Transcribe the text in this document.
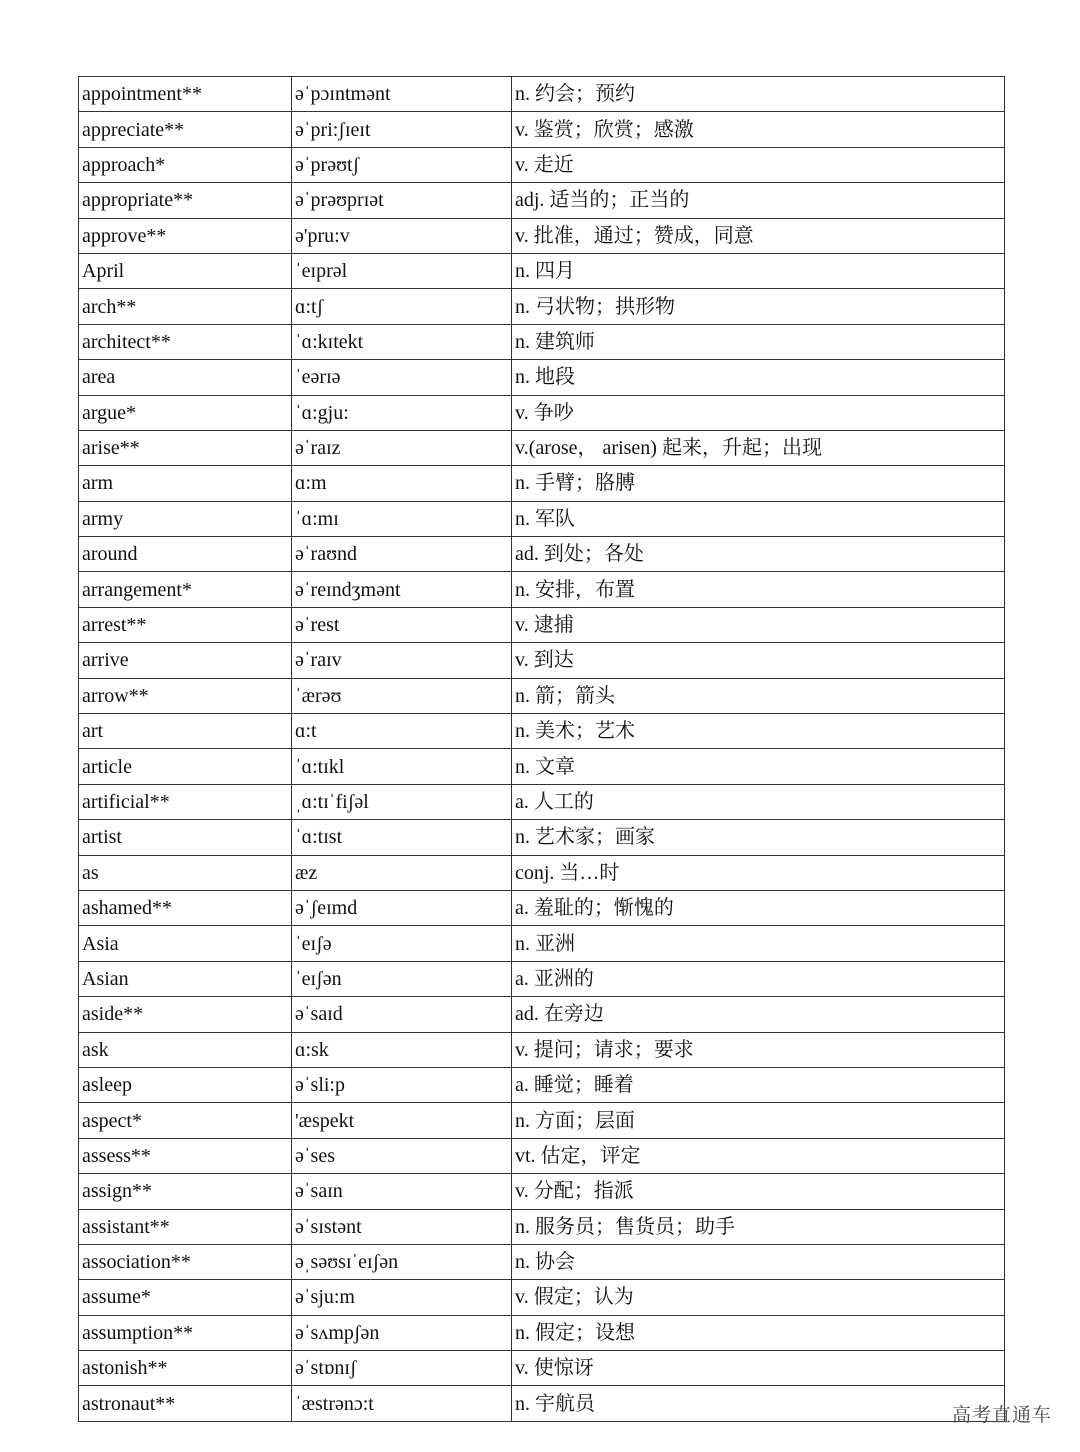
appointment**	əˈpɔɪntmənt	n. 约会；预约
appreciate**	əˈpri:ʃɪeɪt	v. 鉴赏；欣赏；感激
approach*	əˈprəʊtʃ	v. 走近
appropriate**	əˈprəʊprɪət	adj. 适当的；正当的
approve**	ə'pru:v	v. 批准，通过；赞成，同意
April	ˈeɪprəl	n. 四月
arch**	ɑ:tʃ	n. 弓状物；拱形物
architect**	ˈɑ:kɪtekt	n. 建筑师
area	ˈeərɪə	n. 地段
argue*	ˈɑ:gju:	v. 争吵
arise**	əˈraɪz	v.(arose， arisen) 起来，升起；出现
arm	ɑ:m	n. 手臂；胳膊
army	ˈɑ:mɪ	n. 军队
around	əˈraʊnd	ad. 到处；各处
arrangement*	əˈreɪndʒmənt	n. 安排，布置
arrest**	əˈrest	v. 逮捕
arrive	əˈraɪv	v. 到达
arrow**	ˈærəʊ	n. 箭；箭头
art	ɑ:t	n. 美术；艺术
article	ˈɑ:tɪkl	n. 文章
artificial**	ˌɑ:tɪˈfiʃəl	a. 人工的
artist	ˈɑ:tɪst	n. 艺术家；画家
as	æz	conj. 当…时
ashamed**	əˈʃeɪmd	a. 羞耻的；惭愧的
Asia	ˈeɪʃə	n. 亚洲
Asian	ˈeɪʃən	a. 亚洲的
aside**	əˈsaɪd	ad. 在旁边
ask	ɑ:sk	v. 提问；请求；要求
asleep	əˈsli:p	a. 睡觉；睡着
aspect*	'æspekt	n. 方面；层面
assess**	əˈses	vt. 估定，评定
assign**	əˈsaɪn	v. 分配；指派
assistant**	əˈsɪstənt	n. 服务员；售货员；助手
association**	əˌsəʊsɪˈeɪʃən	n. 协会
assume*	əˈsju:m	v. 假定；认为
assumption**	əˈsʌmpʃən	n. 假定；设想
astonish**	əˈstɒnɪʃ	v. 使惊讶
astronaut**	ˈæstrənɔ:t	n. 宇航员
高考直通车
